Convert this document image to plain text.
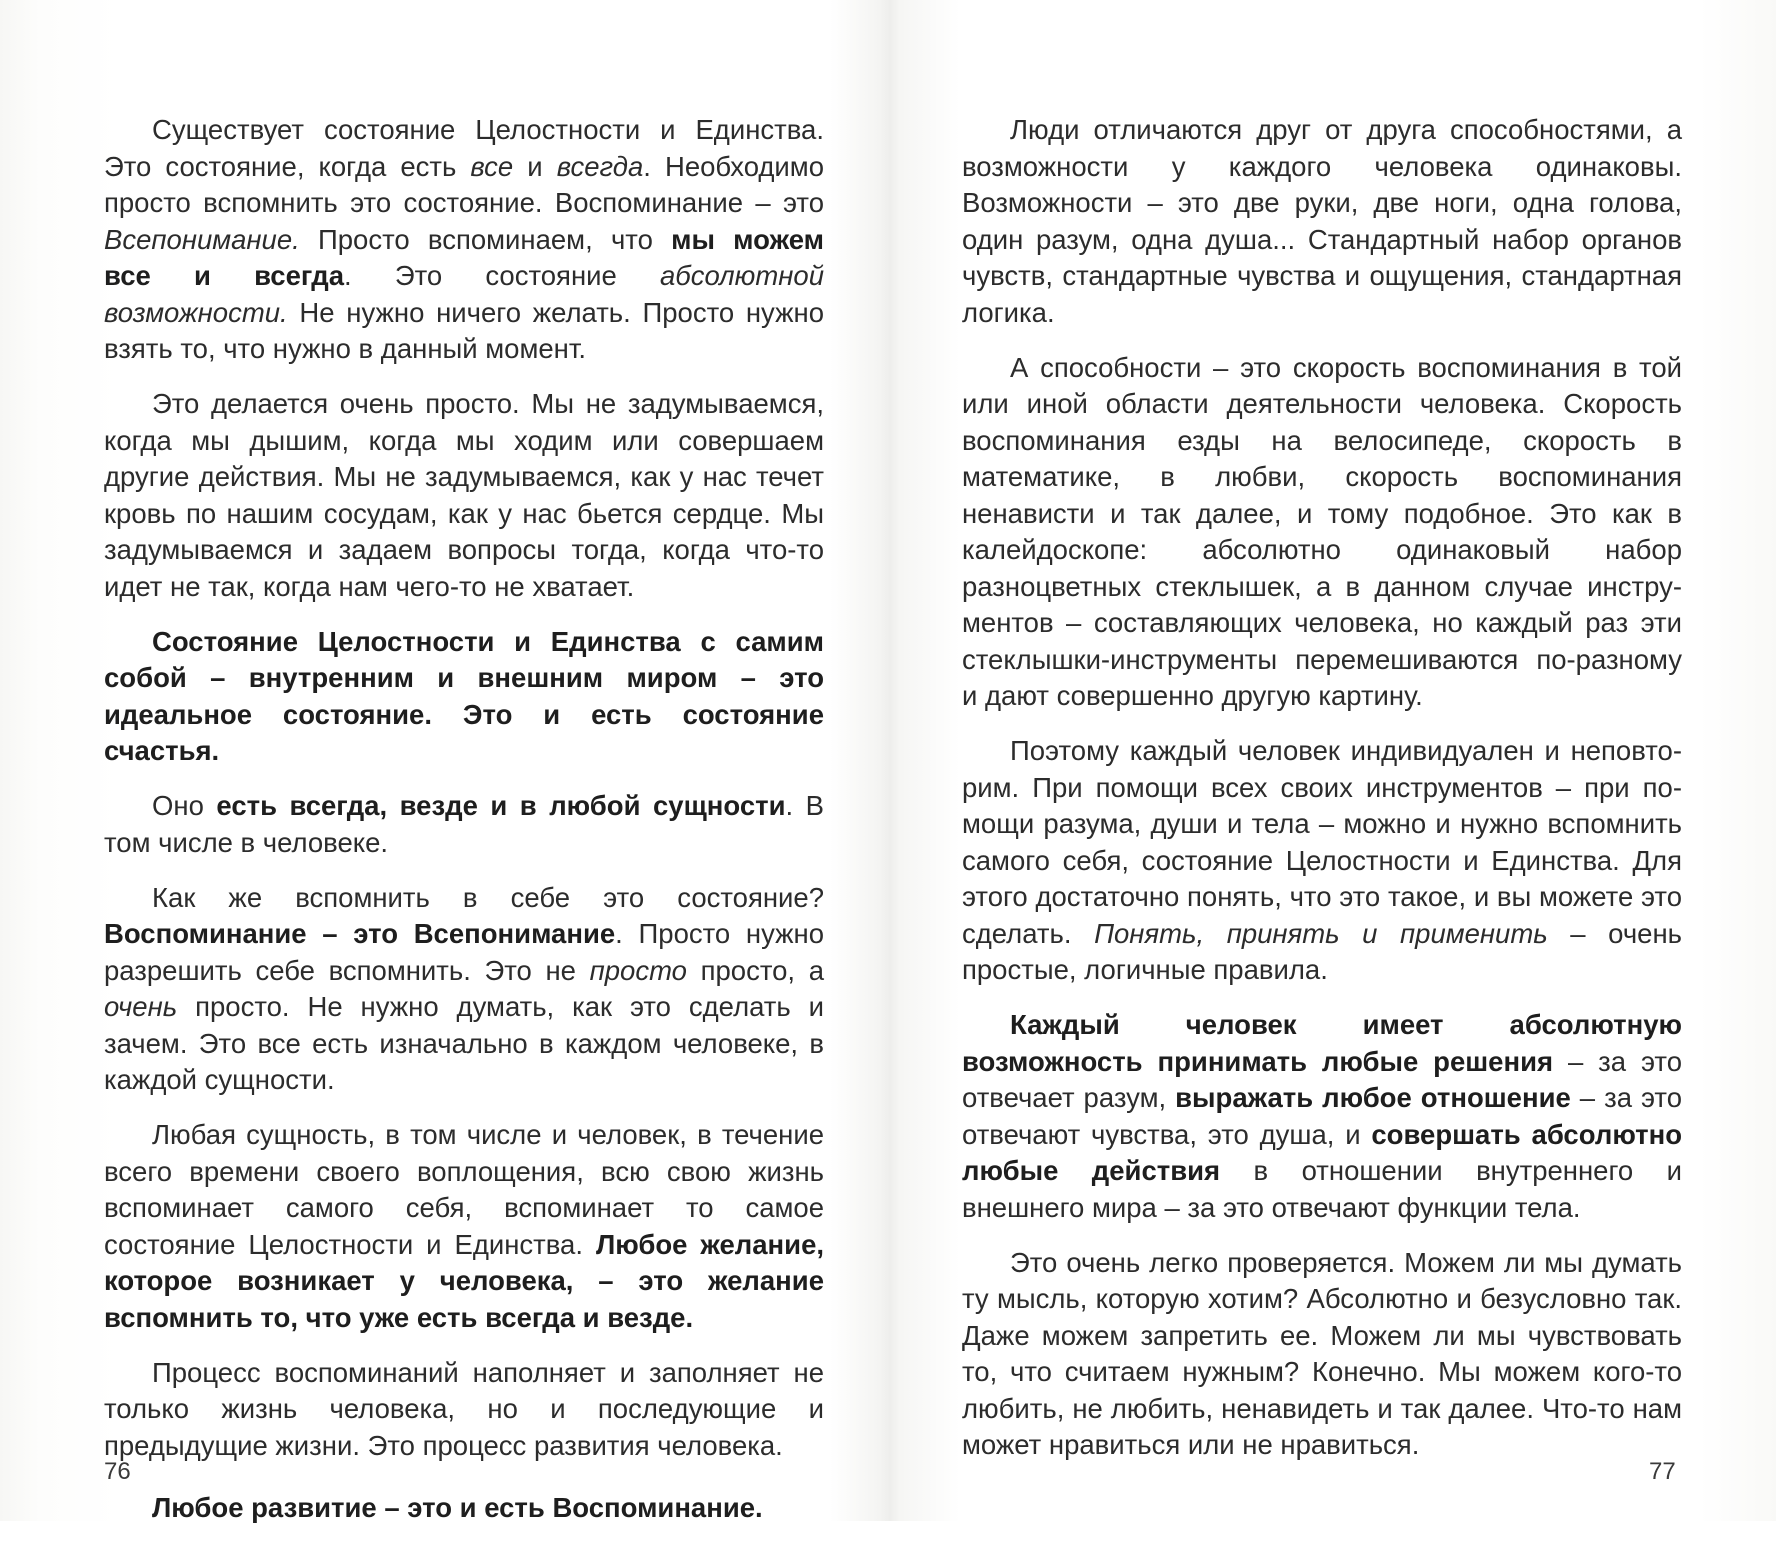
Существует состояние Целостности и Единства. Это состояние, когда есть все и всегда. Необходимо просто вспомнить это состояние. Воспоминание – это Всепонимание. Просто вспоминаем, что мы можем все и всегда. Это состояние абсолютной возможности. Не нужно ничего желать. Просто нужно взять то, что нужно в данный момент.

Это делается очень просто. Мы не задумываемся, когда мы дышим, когда мы ходим или совершаем другие действия. Мы не задумываемся, как у нас течет кровь по нашим сосудам, как у нас бьется сердце. Мы задумываемся и задаем вопросы тогда, когда что-то идет не так, когда нам чего-то не хватает.

Состояние Целостности и Единства с самим собой – внутренним и внешним миром – это идеальное состояние. Это и есть состояние счастья.

Оно есть всегда, везде и в любой сущности. В том числе в человеке.

Как же вспомнить в себе это состояние? Воспоминание – это Всепонимание. Просто нужно разрешить себе вспомнить. Это не просто просто, а очень просто. Не нужно думать, как это сделать и зачем. Это все есть изначально в каждом человеке, в каждой сущности.

Любая сущность, в том числе и человек, в течение всего времени своего воплощения, всю свою жизнь вспоминает самого себя, вспоминает то самое состояние Целостности и Единства. Любое желание, которое возникает у человека, – это желание вспомнить то, что уже есть всегда и везде.

Процесс воспоминаний наполняет и заполняет не только жизнь человека, но и последующие и предыдущие жизни. Это процесс развития человека.

Любое развитие – это и есть Воспоминание.

Люди отличаются друг от друга способностями, а возможности у каждого человека одинаковы. Возможности – это две руки, две ноги, одна голова, один разум, одна душа... Стандартный набор органов чувств, стандартные чувства и ощущения, стандартная логика.

А способности – это скорость воспоминания в той или иной области деятельности человека. Скорость воспоминания езды на велосипеде, скорость в математике, в любви, скорость воспоминания ненависти и так далее, и тому подобное. Это как в калейдоскопе: абсолютно одинаковый набор разноцветных стеклышек, а в данном случае инструментов – составляющих человека, но каждый раз эти стеклышки-инструменты перемешиваются по-разному и дают совершенно другую картину.

Поэтому каждый человек индивидуален и неповторим. При помощи всех своих инструментов – при помощи разума, души и тела – можно и нужно вспомнить самого себя, состояние Целостности и Единства. Для этого достаточно понять, что это такое, и вы можете это сделать. Понять, принять и применить – очень простые, логичные правила.

Каждый человек имеет абсолютную возможность принимать любые решения – за это отвечает разум, выражать любое отношение – за это отвечают чувства, это душа, и совершать абсолютно любые действия в отношении внутреннего и внешнего мира – за это отвечают функции тела.

Это очень легко проверяется. Можем ли мы думать ту мысль, которую хотим? Абсолютно и безусловно так. Даже можем запретить ее. Можем ли мы чувствовать то, что считаем нужным? Конечно. Мы можем кого-то любить, не любить, ненавидеть и так далее. Что-то нам может нравиться или не нравиться.

76	77
